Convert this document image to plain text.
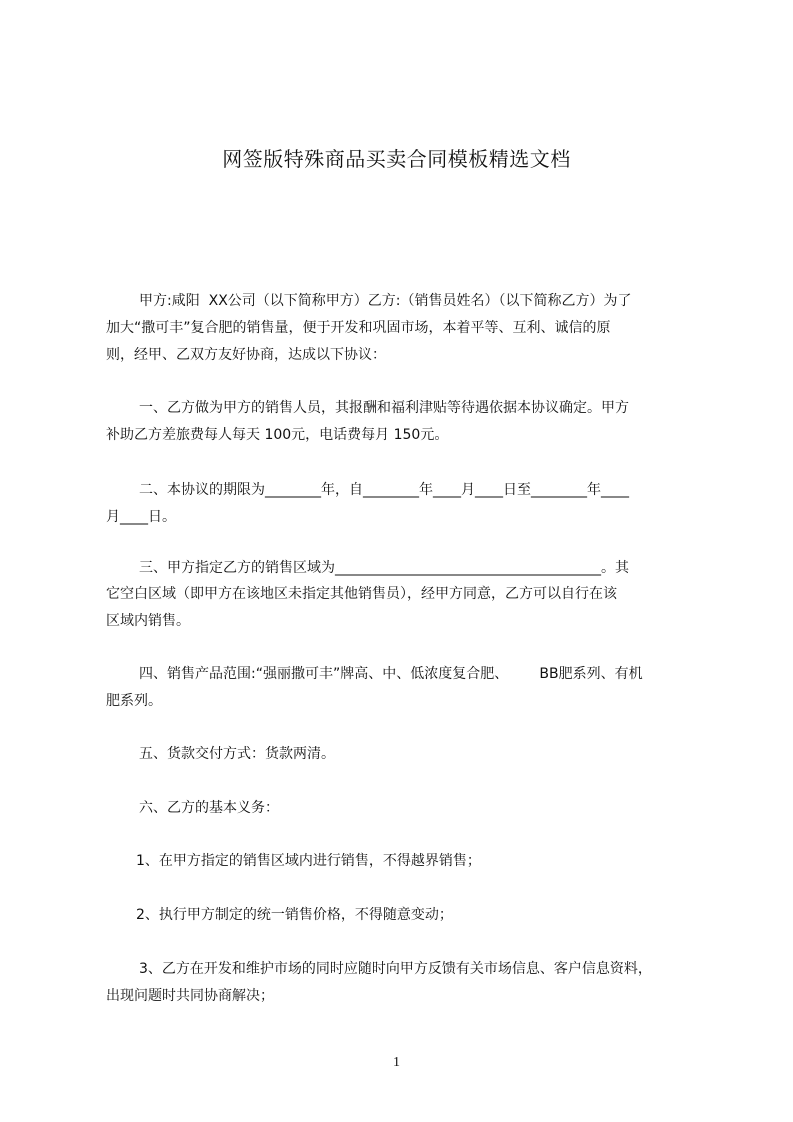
网签版特殊商品买卖合同模板精选文档
甲方:咸阳  XX公司（以下简称甲方）乙方:（销售员姓名）（以下简称乙方）为了
加大“撒可丰”复合肥的销售量，便于开发和巩固市场，本着平等、互利、诚信的原
则，经甲、乙双方友好协商，达成以下协议：
一、乙方做为甲方的销售人员，其报酬和福利津贴等待遇依据本协议确定。甲方
补助乙方差旅费每人每天 100元，电话费每月 150元。
二、本协议的期限为________年，自________年____月____日至________年____
月____日。
三、甲方指定乙方的销售区域为______________________________________。其
它空白区域（即甲方在该地区未指定其他销售员），经甲方同意，乙方可以自行在该
区域内销售。
四、销售产品范围:“强丽撒可丰”牌高、中、低浓度复合肥、       BB肥系列、有机
肥系列。
五、货款交付方式：货款两清。
六、乙方的基本义务：
1、在甲方指定的销售区域内进行销售，不得越界销售；
2、执行甲方制定的统一销售价格，不得随意变动；
3、乙方在开发和维护市场的同时应随时向甲方反馈有关市场信息、客户信息资料，
出现问题时共同协商解决；
1
